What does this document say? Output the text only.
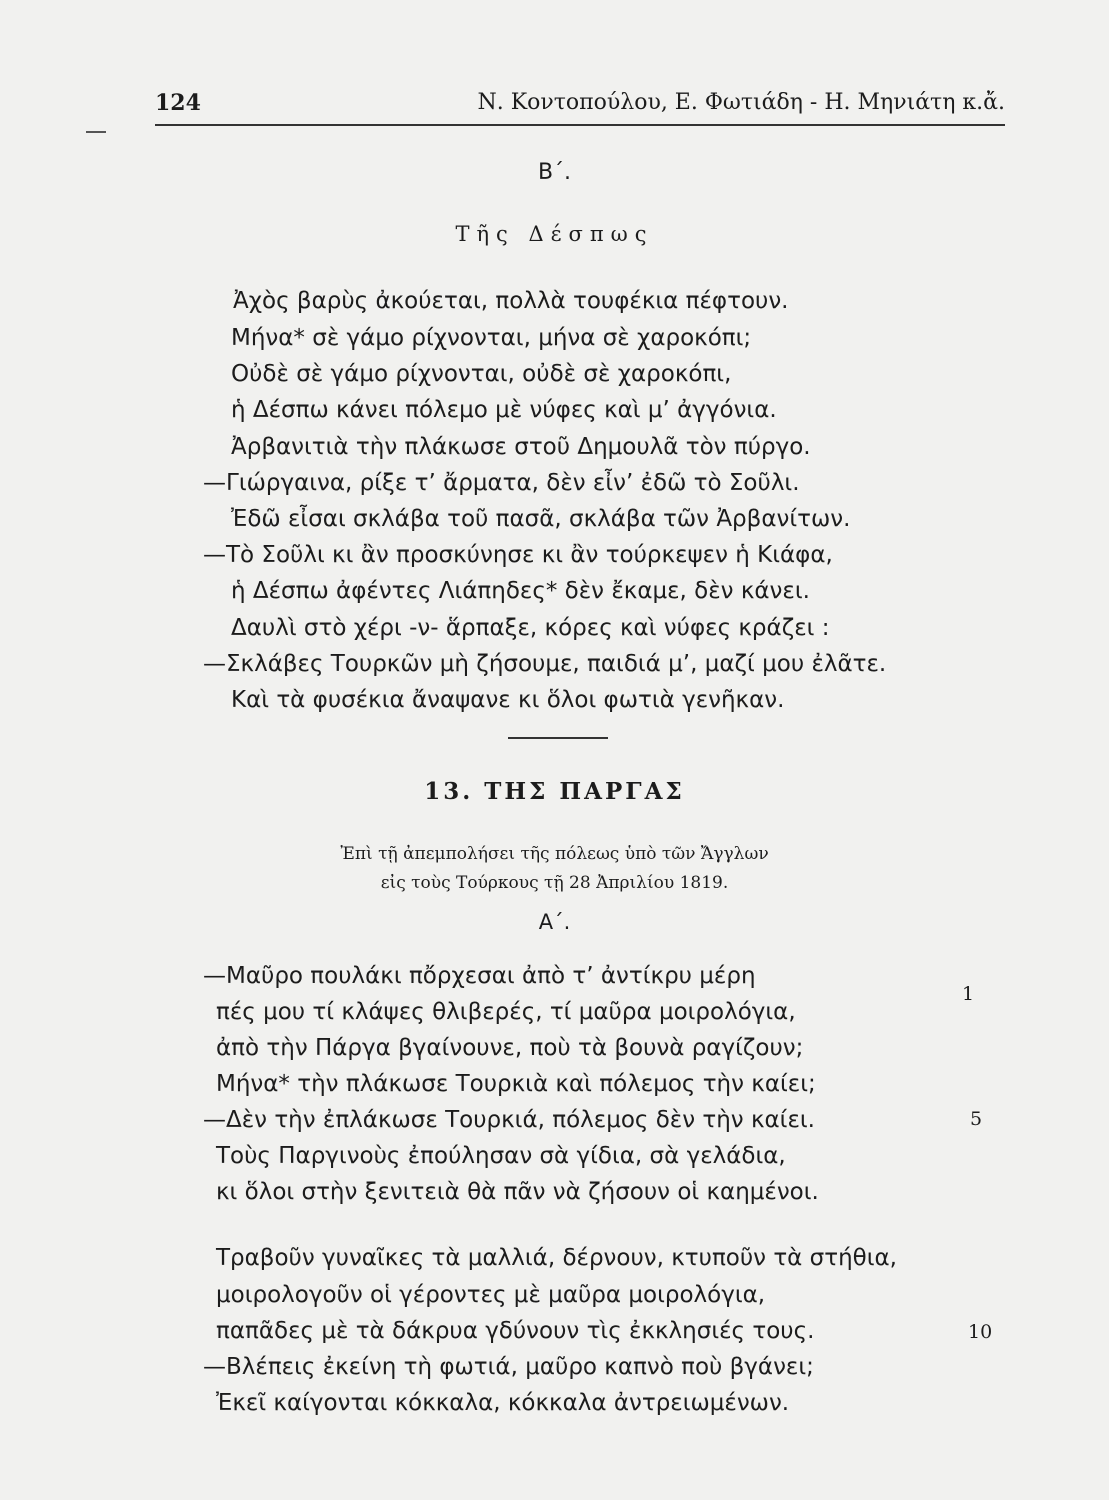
124	Ν. Κοντοπούλου, Ε. Φωτιάδη - Η. Μηνιάτη κ.ἄ.
Β΄.
Τῆς Δέσπως
Ἀχὸς βαρὺς ἀκούεται, πολλὰ τουφέκια πέφτουν.
Μήνα* σὲ γάμο ρίχνονται, μήνα σὲ χαροκόπι;
Οὐδὲ σὲ γάμο ρίχνονται, οὐδὲ σὲ χαροκόπι,
ἡ Δέσπω κάνει πόλεμο μὲ νύφες καὶ μ’ ἀγγόνια.
Ἀρβανιτιὰ τὴν πλάκωσε στοῦ Δημουλᾶ τὸν πύργο.
—Γιώργαινα, ρίξε τ’ ἄρματα, δὲν εἶν’ ἐδῶ τὸ Σοῦλι.
Ἐδῶ εἶσαι σκλάβα τοῦ πασᾶ, σκλάβα τῶν Ἀρβανίτων.
—Τὸ Σοῦλι κι ἂν προσκύνησε κι ἂν τούρκεψεν ἡ Κιάφα,
ἡ Δέσπω ἀφέντες Λιάπηδες* δὲν ἔκαμε, δὲν κάνει.
Δαυλὶ στὸ χέρι -ν- ἅρπαξε, κόρες καὶ νύφες κράζει :
—Σκλάβες Τουρκῶν μὴ ζήσουμε, παιδιά μ’, μαζί μου ἐλᾶτε.
Καὶ τὰ φυσέκια ἄναψανε κι ὅλοι φωτιὰ γενῆκαν.
13. ΤΗΣ ΠΑΡΓΑΣ
Ἐπὶ τῇ ἀπεμπολήσει τῆς πόλεως ὑπὸ τῶν Ἄγγλων
εἰς τοὺς Τούρκους τῇ 28 Ἀπριλίου 1819.
Α΄.
—Μαῦρο πουλάκι πὄρχεσαι ἀπὸ τ’ ἀντίκρυ μέρη
πές μου τί κλάψες θλιβερές, τί μαῦρα μοιρολόγια,
ἀπὸ τὴν Πάργα βγαίνουνε, ποὺ τὰ βουνὰ ραγίζουν;
Μήνα* τὴν πλάκωσε Τουρκιὰ καὶ πόλεμος τὴν καίει;
—Δὲν τὴν ἐπλάκωσε Τουρκιά, πόλεμος δὲν τὴν καίει.
Τοὺς Παργινοὺς ἐπούλησαν σὰ γίδια, σὰ γελάδια,
κι ὅλοι στὴν ξενιτειὰ θὰ πᾶν νὰ ζήσουν οἱ καημένοι.
Τραβοῦν γυναῖκες τὰ μαλλιά, δέρνουν, κτυποῦν τὰ στήθια,
μοιρολογοῦν οἱ γέροντες μὲ μαῦρα μοιρολόγια,
παπᾶδες μὲ τὰ δάκρυα γδύνουν τὶς ἐκκλησιές τους.
—Βλέπεις ἐκείνη τὴ φωτιά, μαῦρο καπνὸ ποὺ βγάνει;
Ἐκεῖ καίγονται κόκκαλα, κόκκαλα ἀντρειωμένων.
1
5
10
